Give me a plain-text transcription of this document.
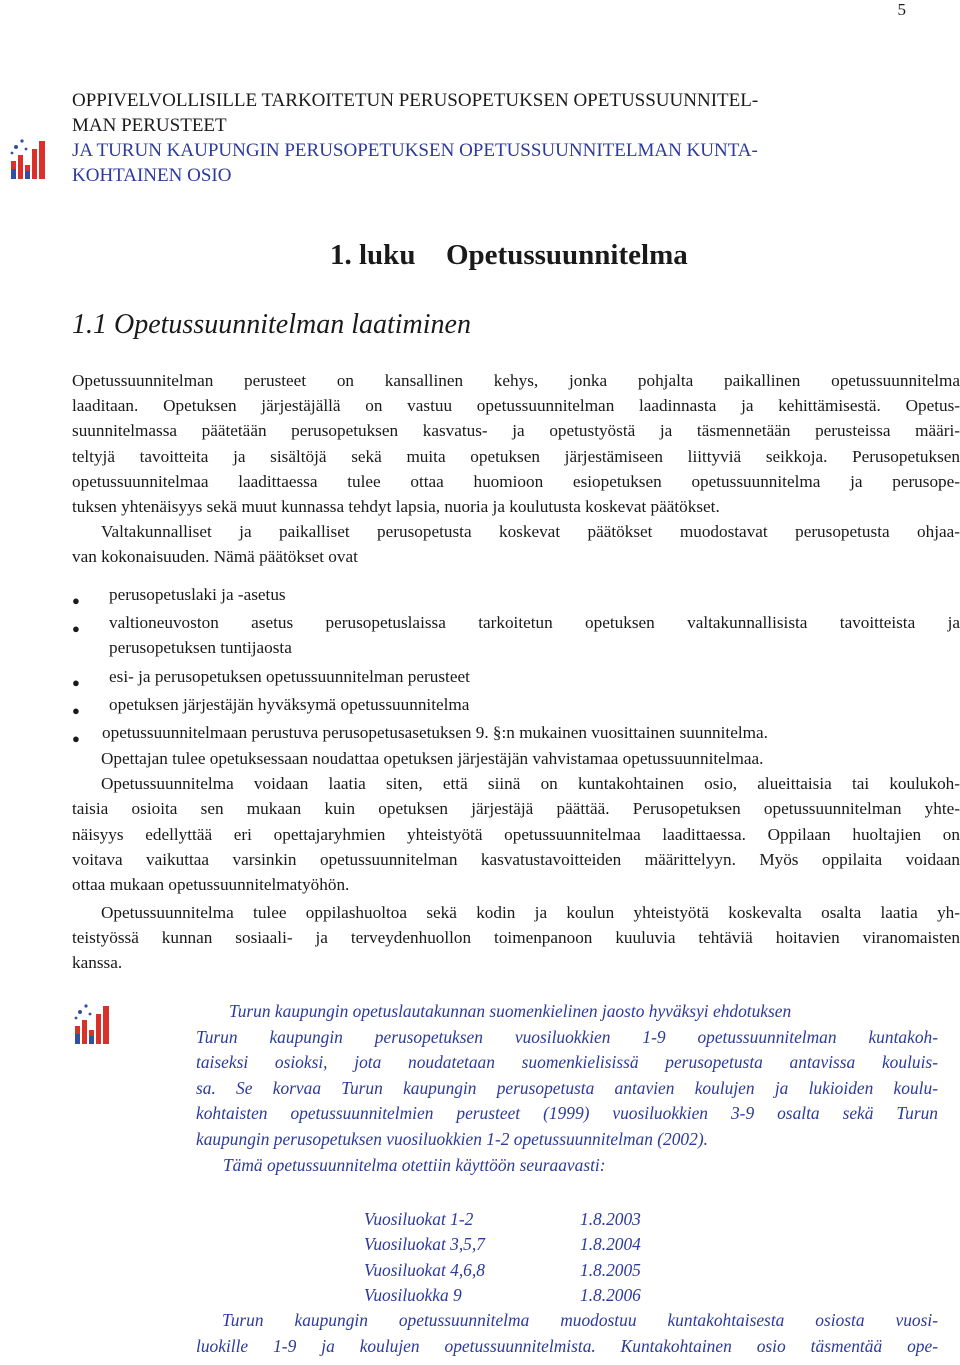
5
OPPIVELVOLLISILLE TARKOITETUN PERUSOPETUKSEN OPETUSSUUNNITEL-
MAN PERUSTEET
JA TURUN KAUPUNGIN PERUSOPETUKSEN OPETUSSUUNNITELMAN KUNTA-
KOHTAINEN OSIO
1. luku Opetussuunnitelma
1.1 Opetussuunnitelman laatiminen
Opetussuunnitelman perusteet on kansallinen kehys, jonka pohjalta paikallinen opetussuunnitelma
laaditaan. Opetuksen järjestäjällä on vastuu opetussuunnitelman laadinnasta ja kehittämisestä. Opetus-
suunnitelmassa päätetään perusopetuksen kasvatus- ja opetustyöstä ja täsmennetään perusteissa määri-
teltyjä tavoitteita ja sisältöjä sekä muita opetuksen järjestämiseen liittyviä seikkoja. Perusopetuksen
opetussuunnitelmaa laadittaessa tulee ottaa huomioon esiopetuksen opetussuunnitelma ja perusope-
tuksen yhtenäisyys sekä muut kunnassa tehdyt lapsia, nuoria ja koulutusta koskevat päätökset.
Valtakunnalliset ja paikalliset perusopetusta koskevat päätökset muodostavat perusopetusta ohjaa-
van kokonaisuuden. Nämä päätökset ovat
● perusopetuslaki ja -asetus
● valtioneuvoston asetus perusopetuslaissa tarkoitetun opetuksen valtakunnallisista tavoitteista ja
perusopetuksen tuntijaosta
● esi- ja perusopetuksen opetussuunnitelman perusteet
● opetuksen järjestäjän hyväksymä opetussuunnitelma
● opetussuunnitelmaan perustuva perusopetusasetuksen 9. §:n mukainen vuosittainen suunnitelma.
Opettajan tulee opetuksessaan noudattaa opetuksen järjestäjän vahvistamaa opetussuunnitelmaa.
Opetussuunnitelma voidaan laatia siten, että siinä on kuntakohtainen osio, alueittaisia tai koulukoh-
taisia osioita sen mukaan kuin opetuksen järjestäjä päättää. Perusopetuksen opetussuunnitelman yhte-
näisyys edellyttää eri opettajaryhmien yhteistyötä opetussuunnitelmaa laadittaessa. Oppilaan huoltajien on
voitava vaikuttaa varsinkin opetussuunnitelman kasvatustavoitteiden määrittelyyn. Myös oppilaita voidaan
ottaa mukaan opetussuunnitelmatyöhön.
Opetussuunnitelma tulee oppilashuoltoa sekä kodin ja koulun yhteistyötä koskevalta osalta laatia yh-
teistyössä kunnan sosiaali- ja terveydenhuollon toimenpanoon kuuluvia tehtäviä hoitavien viranomaisten
kanssa.
Turun kaupungin opetuslautakunnan suomenkielinen jaosto hyväksyi ehdotuksen
Turun kaupungin perusopetuksen vuosiluokkien 1-9 opetussuunnitelman kuntakoh-
taiseksi osioksi, jota noudatetaan suomenkielisissä perusopetusta antavissa kouluis-
sa. Se korvaa Turun kaupungin perusopetusta antavien koulujen ja lukioiden koulu-
kohtaisten opetussuunnitelmien perusteet (1999) vuosiluokkien 3-9 osalta sekä Turun
kaupungin perusopetuksen vuosiluokkien 1-2 opetussuunnitelman (2002).
Tämä opetussuunnitelma otettiin käyttöön seuraavasti:
Vuosiluokat 1-2	1.8.2003
Vuosiluokat 3,5,7	1.8.2004
Vuosiluokat 4,6,8	1.8.2005
Vuosiluokka 9	1.8.2006
Turun kaupungin opetussuunnitelma muodostuu kuntakohtaisesta osiosta vuosi-
luokille 1-9 ja koulujen opetussuunnitelmista. Kuntakohtainen osio täsmentää ope-
